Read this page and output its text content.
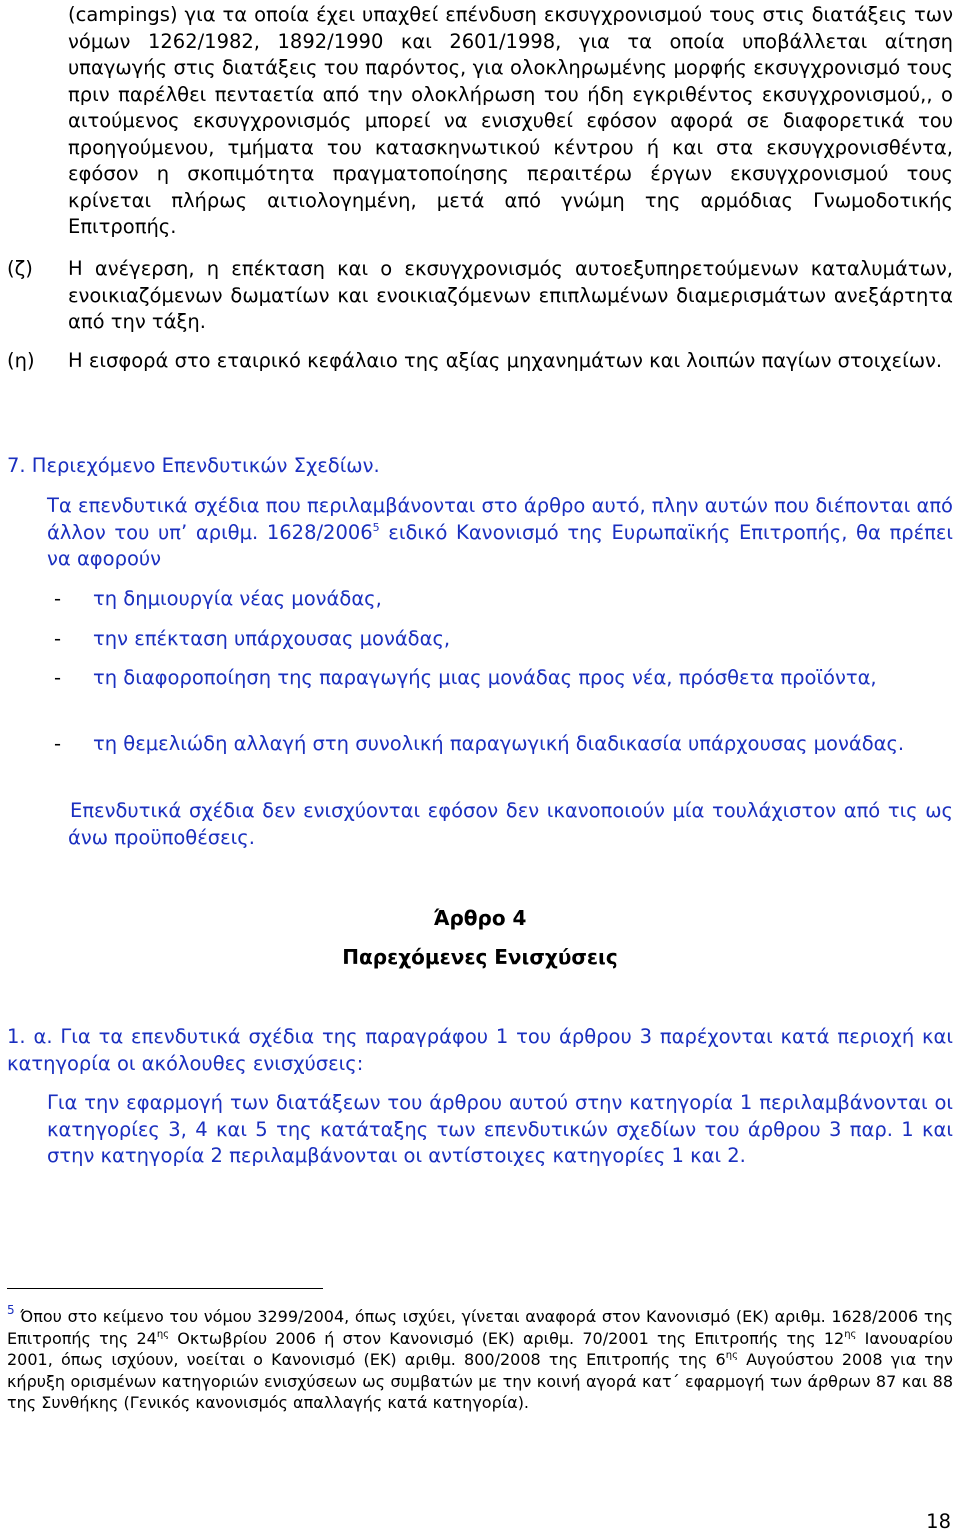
(campings) για τα οποία έχει υπαχθεί επένδυση εκσυγχρονισμού τους στις διατάξεις των νόμων 1262/1982, 1892/1990 και 2601/1998, για τα οποία υποβάλλεται αίτηση υπαγωγής στις διατάξεις του παρόντος, για ολοκληρωμένης μορφής εκσυγχρονισμό τους πριν παρέλθει πενταετία από την ολοκλήρωση του ήδη εγκριθέντος εκσυγχρονισμού,, ο αιτούμενος εκσυγχρονισμός μπορεί να ενισχυθεί εφόσον αφορά σε διαφορετικά του προηγούμενου, τμήματα του κατασκηνωτικού κέντρου ή και στα εκσυγχρονισθέντα, εφόσον η σκοπιμότητα πραγματοποίησης περαιτέρω έργων εκσυγχρονισμού τους κρίνεται πλήρως αιτιολογημένη, μετά από γνώμη της αρμόδιας Γνωμοδοτικής Επιτροπής.
(ζ) Η ανέγερση, η επέκταση και ο εκσυγχρονισμός αυτοεξυπηρετούμενων καταλυμάτων, ενοικιαζόμενων δωματίων και ενοικιαζόμενων επιπλωμένων διαμερισμάτων ανεξάρτητα από την τάξη.
(η) Η εισφορά στο εταιρικό κεφάλαιο της αξίας μηχανημάτων και λοιπών παγίων στοιχείων.
7. Περιεχόμενο Επενδυτικών Σχεδίων.
Τα επενδυτικά σχέδια που περιλαμβάνονται στο άρθρο αυτό, πλην αυτών που διέπονται από άλλον του υπ’ αριθμ. 1628/2006$^5$ ειδικό Κανονισμό της Ευρωπαϊκής Επιτροπής, θα πρέπει να αφορούν
- τη δημιουργία νέας μονάδας,
- την επέκταση υπάρχουσας μονάδας,
- τη διαφοροποίηση της παραγωγής μιας μονάδας προς νέα, πρόσθετα προϊόντα,
- τη θεμελιώδη αλλαγή στη συνολική παραγωγική διαδικασία υπάρχουσας μονάδας.
Επενδυτικά σχέδια δεν ενισχύονται εφόσον δεν ικανοποιούν μία τουλάχιστον από τις ως άνω προϋποθέσεις.
Άρθρο 4
Παρεχόμενες Ενισχύσεις
1. α. Για τα επενδυτικά σχέδια της παραγράφου 1 του άρθρου 3 παρέχονται κατά περιοχή και κατηγορία οι ακόλουθες ενισχύσεις:
Για την εφαρμογή των διατάξεων του άρθρου αυτού στην κατηγορία 1 περιλαμβάνονται οι κατηγορίες 3, 4 και 5 της κατάταξης των επενδυτικών σχεδίων του άρθρου 3 παρ. 1 και στην κατηγορία 2 περιλαμβάνονται οι αντίστοιχες κατηγορίες 1 και 2.
$^5$ Όπου στο κείμενο του νόμου 3299/2004, όπως ισχύει, γίνεται αναφορά στον Κανονισμό (ΕΚ) αριθμ. 1628/2006 της Επιτροπής της $24^{\eta\varsigma}$ Οκτωβρίου 2006 ή στον Κανονισμό (ΕΚ) αριθμ. 70/2001 της Επιτροπής της $12^{\eta\varsigma}$ Ιανουαρίου 2001, όπως ισχύουν, νοείται ο Κανονισμό (ΕΚ) αριθμ. 800/2008 της Επιτροπής της $6^{\eta\varsigma}$ Αυγούστου 2008 για την κήρυξη ορισμένων κατηγοριών ενισχύσεων ως συμβατών με την κοινή αγορά κατ΄ εφαρμογή των άρθρων 87 και 88 της Συνθήκης (Γενικός κανονισμός απαλλαγής κατά κατηγορία).
18
